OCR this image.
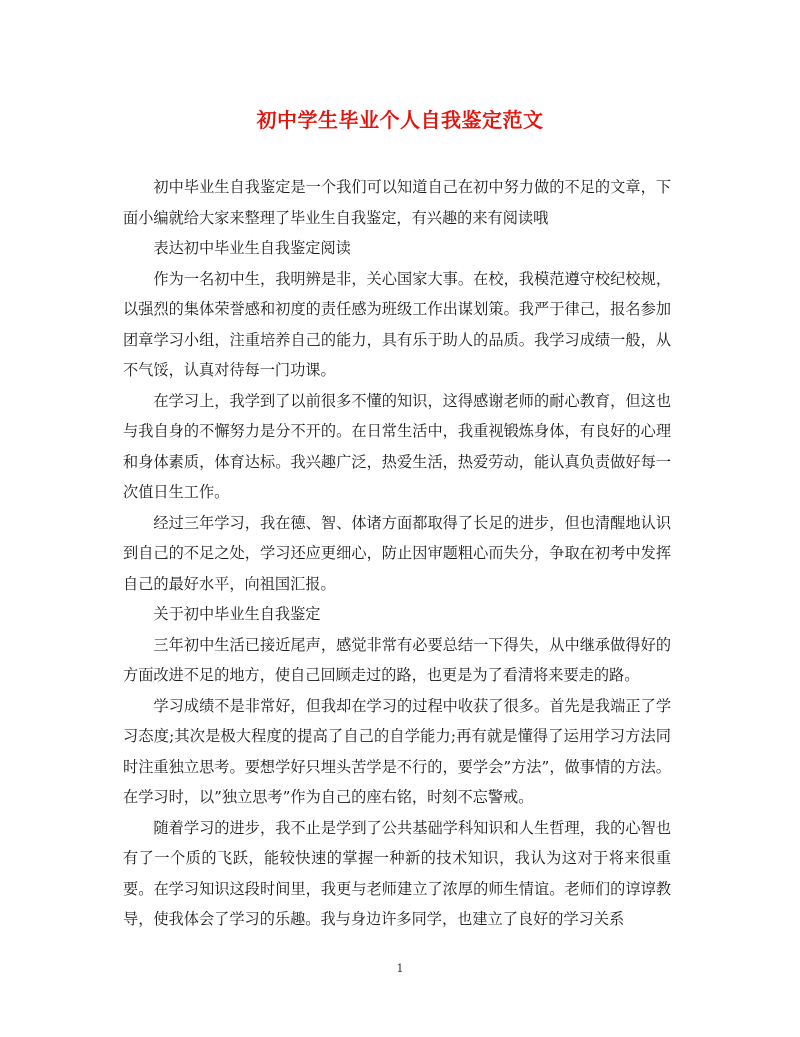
初中学生毕业个人自我鉴定范文

初中毕业生自我鉴定是一个我们可以知道自己在初中努力做的不足的文章，下面小编就给大家来整理了毕业生自我鉴定，有兴趣的来有阅读哦

表达初中毕业生自我鉴定阅读

作为一名初中生，我明辨是非，关心国家大事。在校，我模范遵守校纪校规，以强烈的集体荣誉感和初度的责任感为班级工作出谋划策。我严于律己，报名参加团章学习小组，注重培养自己的能力，具有乐于助人的品质。我学习成绩一般，从不气馁，认真对待每一门功课。

在学习上，我学到了以前很多不懂的知识，这得感谢老师的耐心教育，但这也与我自身的不懈努力是分不开的。在日常生活中，我重视锻炼身体，有良好的心理和身体素质，体育达标。我兴趣广泛，热爱生活，热爱劳动，能认真负责做好每一次值日生工作。

经过三年学习，我在德、智、体诸方面都取得了长足的进步，但也清醒地认识到自己的不足之处，学习还应更细心，防止因审题粗心而失分，争取在初考中发挥自己的最好水平，向祖国汇报。

关于初中毕业生自我鉴定

三年初中生活已接近尾声，感觉非常有必要总结一下得失，从中继承做得好的方面改进不足的地方，使自己回顾走过的路，也更是为了看清将来要走的路。

学习成绩不是非常好，但我却在学习的过程中收获了很多。首先是我端正了学习态度;其次是极大程度的提高了自己的自学能力;再有就是懂得了运用学习方法同时注重独立思考。要想学好只埋头苦学是不行的，要学会”方法”，做事情的方法。在学习时，以”独立思考”作为自己的座右铭，时刻不忘警戒。

随着学习的进步，我不止是学到了公共基础学科知识和人生哲理，我的心智也有了一个质的飞跃，能较快速的掌握一种新的技术知识，我认为这对于将来很重要。在学习知识这段时间里，我更与老师建立了浓厚的师生情谊。老师们的谆谆教导，使我体会了学习的乐趣。我与身边许多同学，也建立了良好的学习关系

1
